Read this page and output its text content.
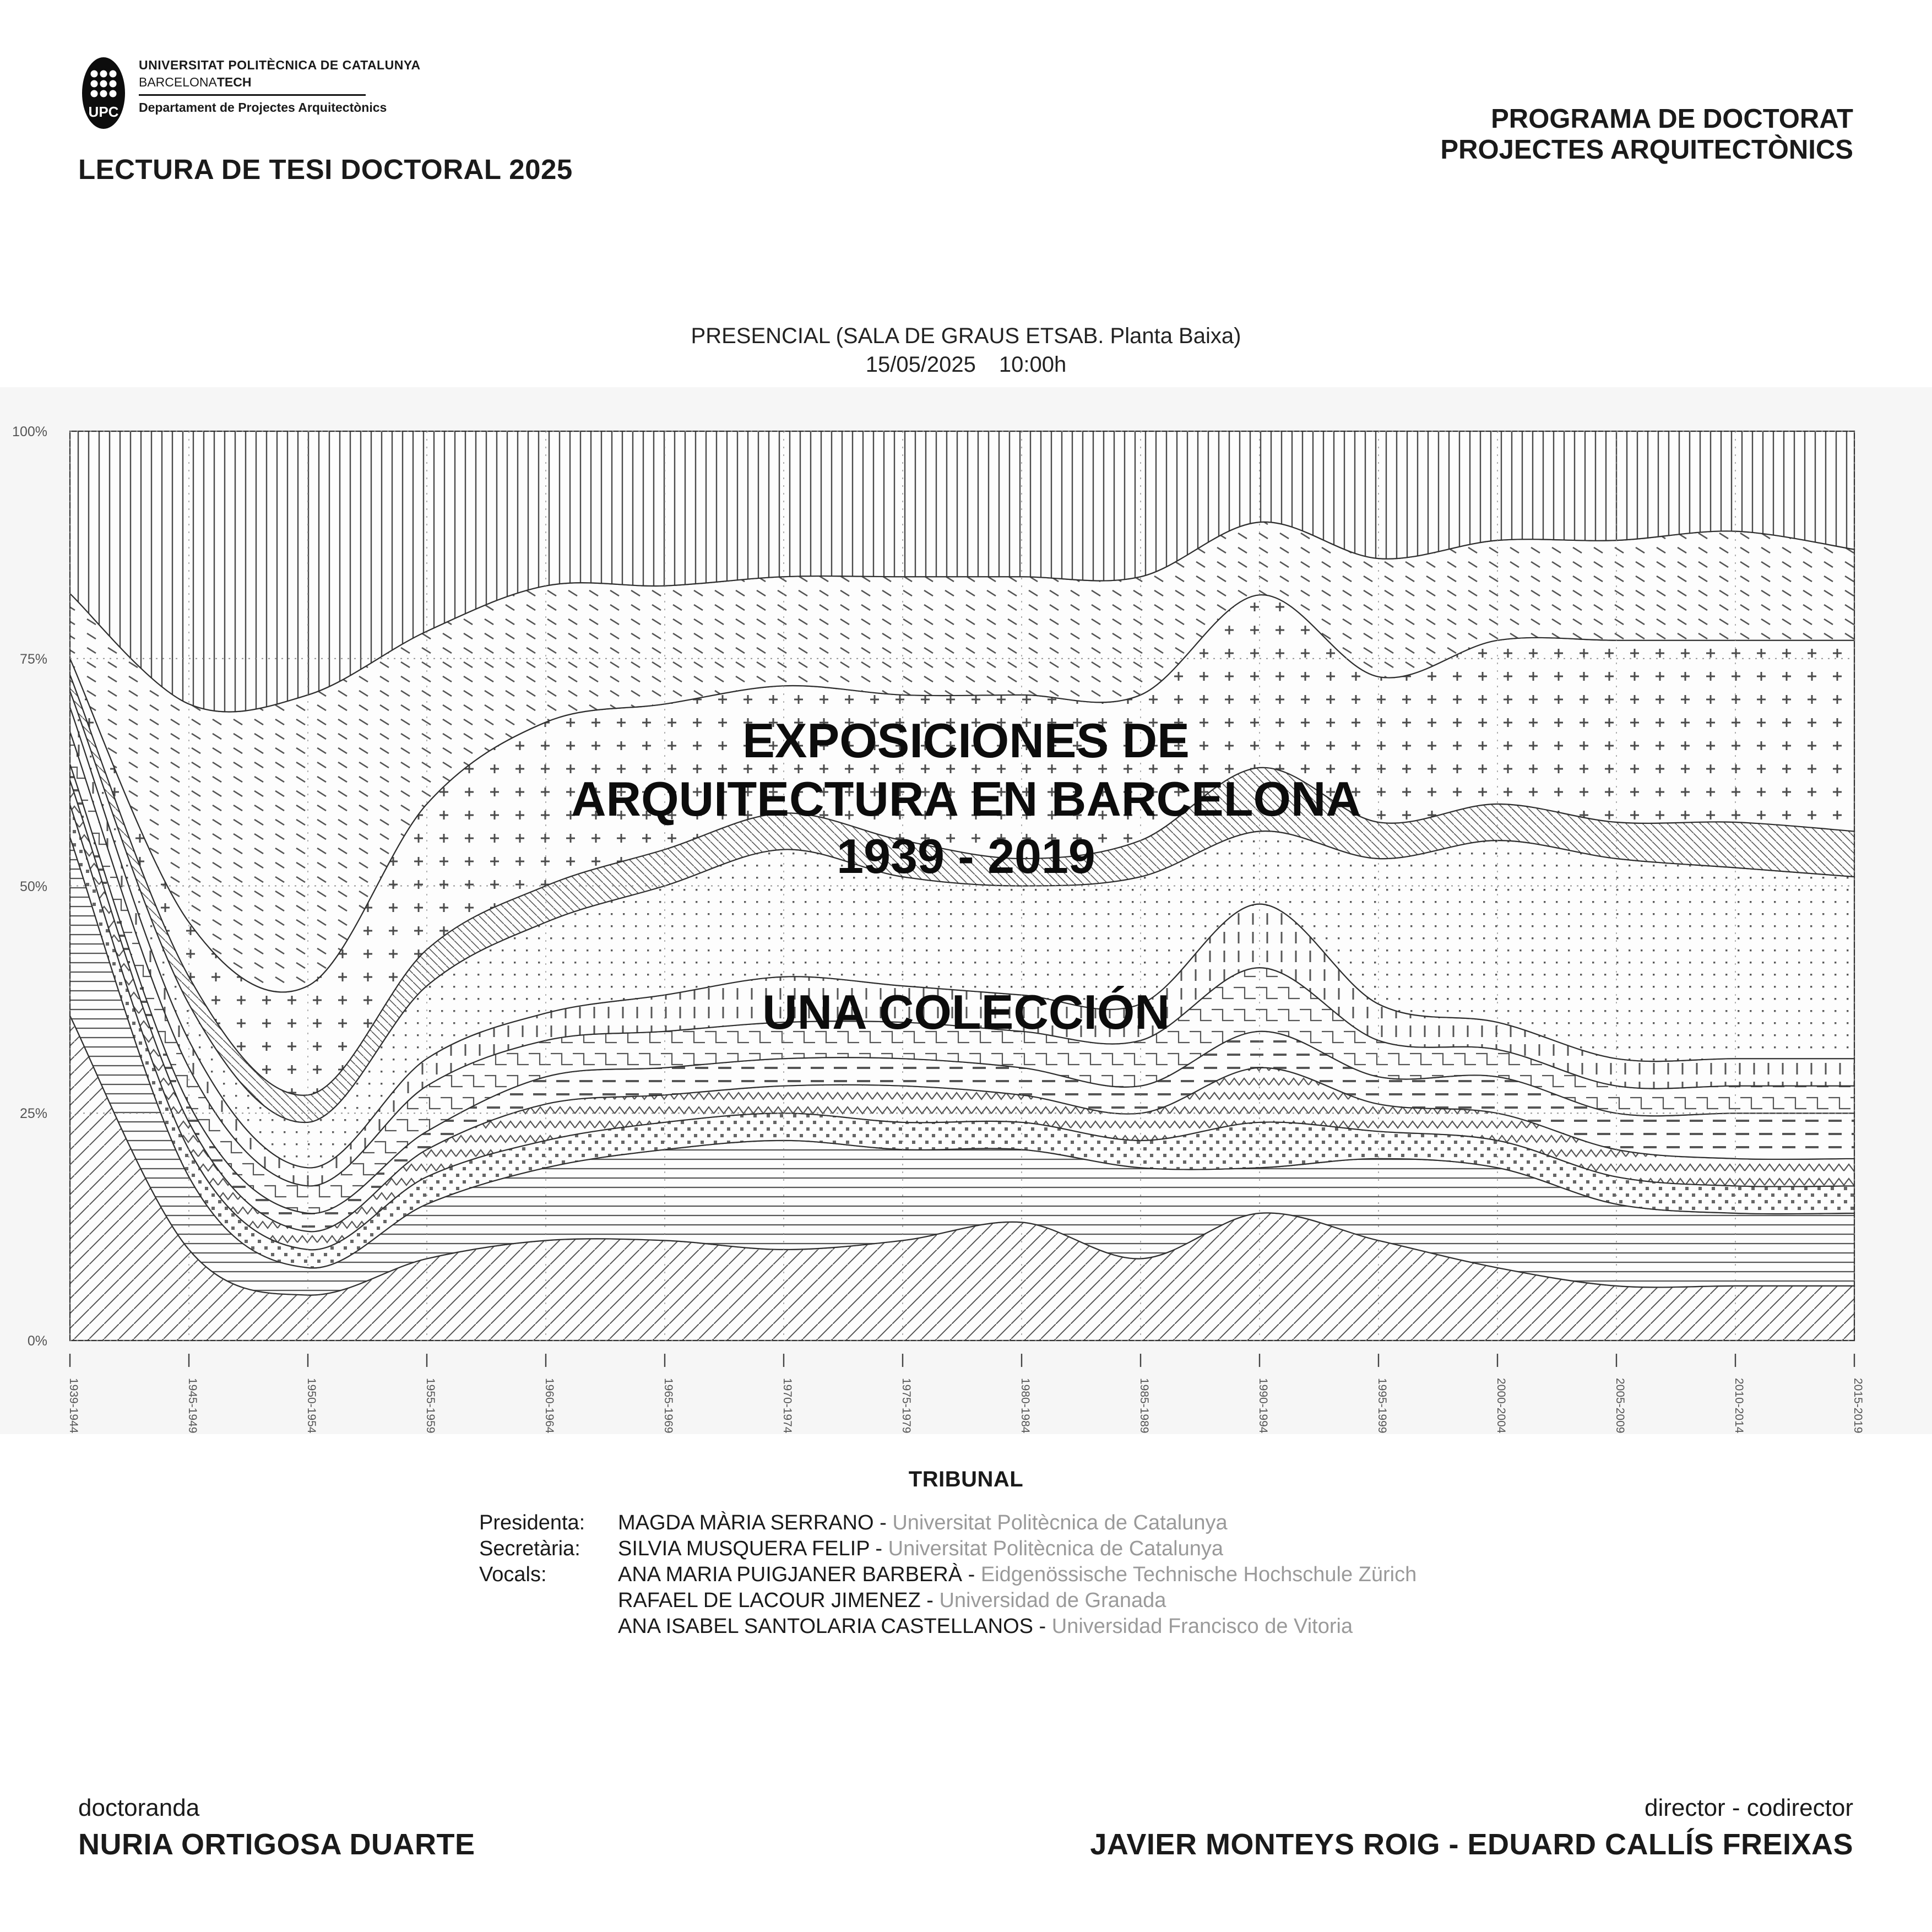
UPC
UNIVERSITAT POLITÈCNICA DE CATALUNYA
BARCELONATECH
Departament de Projectes Arquitectònics
LECTURA DE TESI DOCTORAL 2025
PROGRAMA DE DOCTORAT
PROJECTES ARQUITECTÒNICS
PRESENCIAL (SALA DE GRAUS ETSAB. Planta Baixa)
15/05/2025 10:00h
1939-1944	1945-1949	1950-1954	1955-1959	1960-1964	1965-1969	1970-1974	1975-1979	1980-1984	1985-1989	1990-1994	1995-1999	2000-2004	2005-2009	2010-2014	2015-2019
100%
75%
50%
25%
0%
EXPOSICIONES DE
ARQUITECTURA EN BARCELONA
1939 - 2019
UNA COLECCIÓN
TRIBUNAL
Presidenta:	MAGDA MÀRIA SERRANO - Universitat Politècnica de Catalunya
Secretària:	SILVIA MUSQUERA FELIP - Universitat Politècnica de Catalunya
Vocals:	ANA MARIA PUIGJANER BARBERÀ - Eidgenössische Technische Hochschule Zürich
RAFAEL DE LACOUR JIMENEZ - Universidad de Granada
ANA ISABEL SANTOLARIA CASTELLANOS - Universidad Francisco de Vitoria
doctoranda
NURIA ORTIGOSA DUARTE
director - codirector
JAVIER MONTEYS ROIG - EDUARD CALLÍS FREIXAS
